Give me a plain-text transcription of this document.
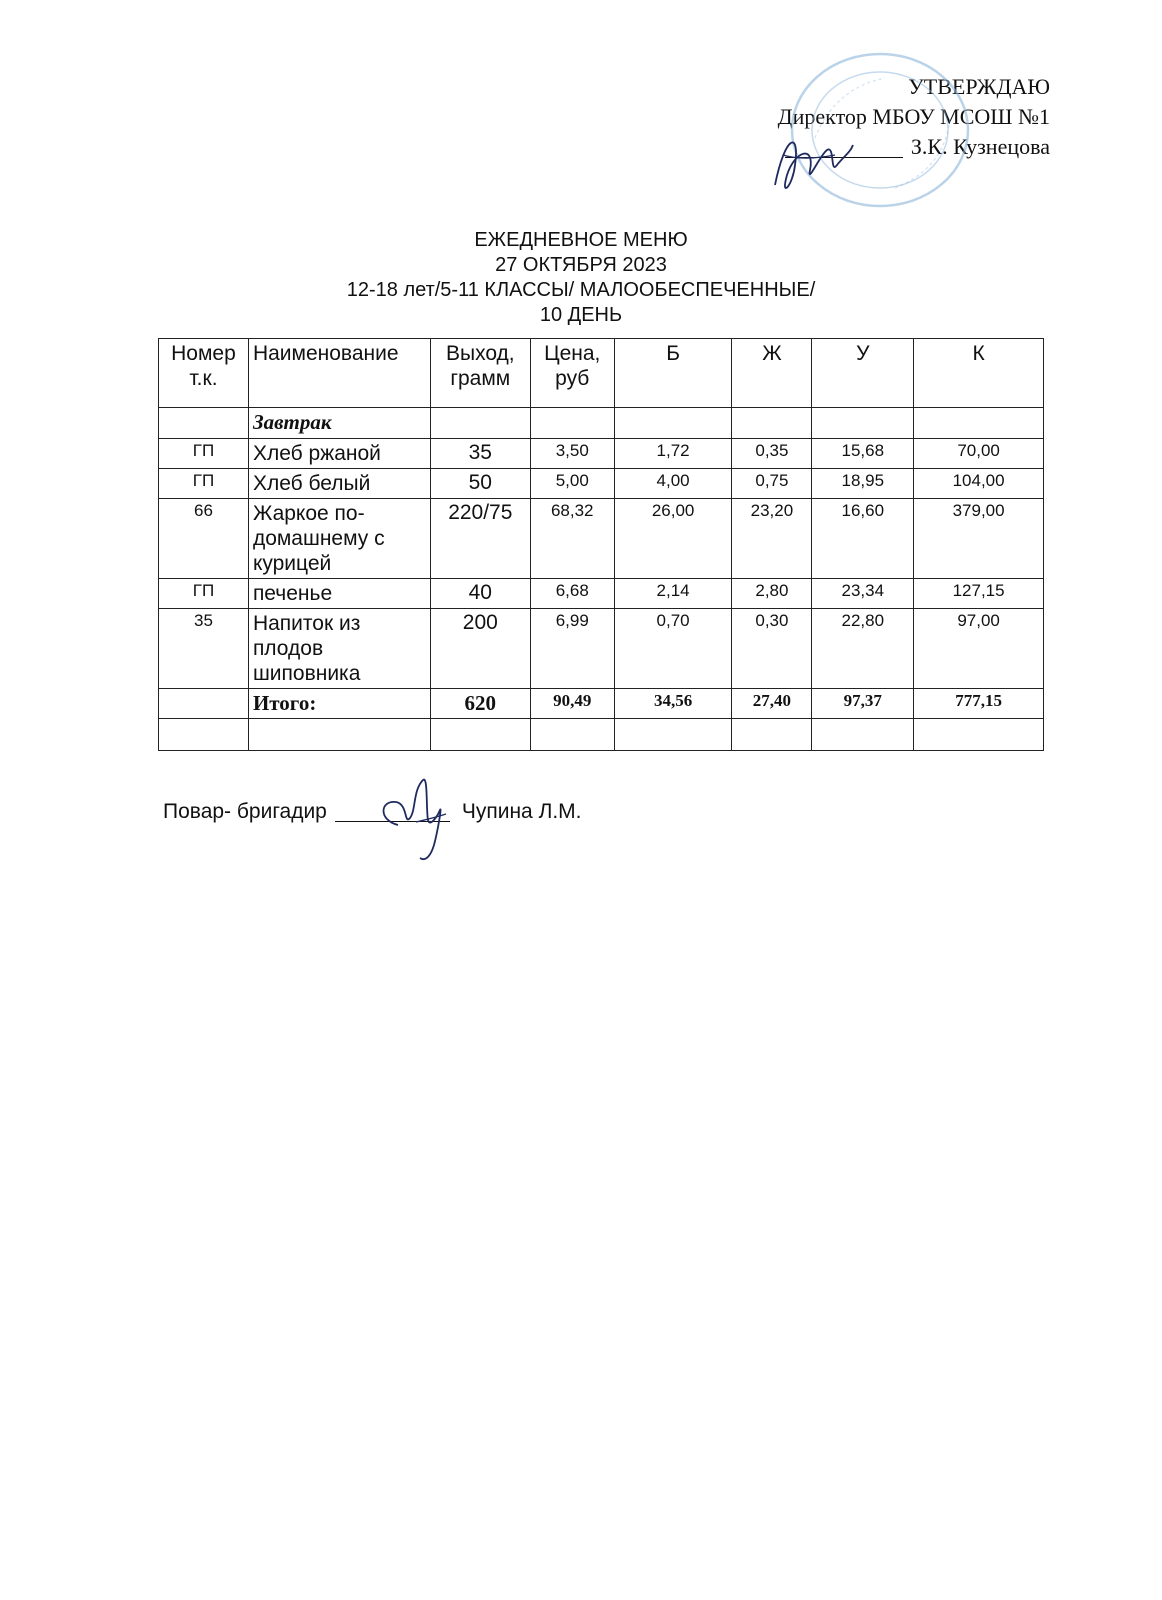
УТВЕРЖДАЮ
Директор МБОУ МСОШ №1
З.К. Кузнецова
ЕЖЕДНЕВНОЕ МЕНЮ
27 ОКТЯБРЯ 2023
12-18 лет/5-11 КЛАССЫ/ МАЛООБЕСПЕЧЕННЫЕ/
10 ДЕНЬ
Номер т.к.	Наименование	Выход, грамм	Цена, руб	Б	Ж	У	К
	Завтрак						
ГП	Хлеб ржаной	35	3,50	1,72	0,35	15,68	70,00
ГП	Хлеб белый	50	5,00	4,00	0,75	18,95	104,00
66	Жаркое по-домашнему с курицей	220/75	68,32	26,00	23,20	16,60	379,00
ГП	печенье	40	6,68	2,14	2,80	23,34	127,15
35	Напиток из плодов шиповника	200	6,99	0,70	0,30	22,80	97,00
	Итого:	620	90,49	34,56	27,40	97,37	777,15

Повар- бригадир	Чупина Л.М.
